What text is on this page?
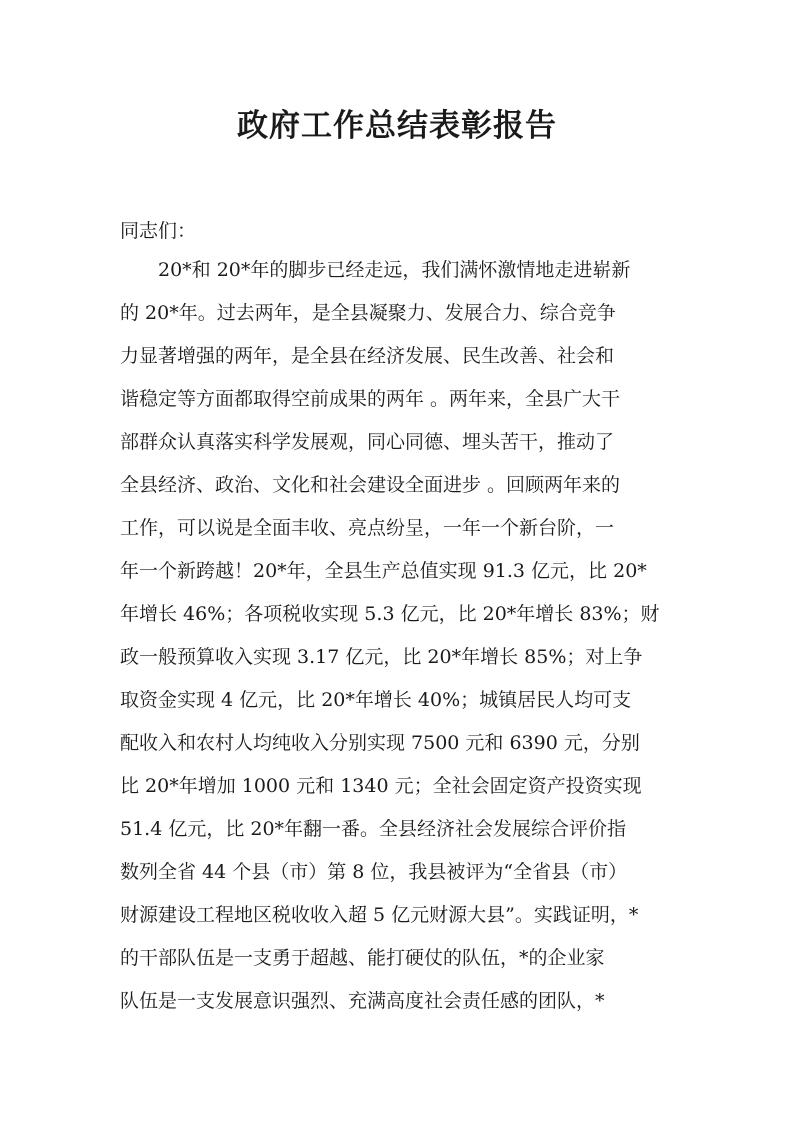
政府工作总结表彰报告
同志们：
20*和 20*年的脚步已经走远，我们满怀激情地走进崭新
的 20*年。过去两年，是全县凝聚力、发展合力、综合竞争
力显著增强的两年，是全县在经济发展、民生改善、社会和
谐稳定等方面都取得空前成果的两年 。两年来，全县广大干
部群众认真落实科学发展观，同心同德、埋头苦干，推动了
全县经济、政治、文化和社会建设全面进步 。回顾两年来的
工作，可以说是全面丰收、亮点纷呈，一年一个新台阶，一
年一个新跨越！20*年，全县生产总值实现 91.3 亿元，比 20*
年增长 46%；各项税收实现 5.3 亿元，比 20*年增长 83%；财
政一般预算收入实现 3.17 亿元，比 20*年增长 85%；对上争
取资金实现 4 亿元，比 20*年增长 40%；城镇居民人均可支
配收入和农村人均纯收入分别实现 7500 元和 6390 元，分别
比 20*年增加 1000 元和 1340 元；全社会固定资产投资实现
51.4 亿元，比 20*年翻一番。全县经济社会发展综合评价指
数列全省 44 个县（市）第 8 位，我县被评为“全省县（市）
财源建设工程地区税收收入超 5 亿元财源大县”。实践证明，*
的干部队伍是一支勇于超越、能打硬仗的队伍，*的企业家
队伍是一支发展意识强烈、充满高度社会责任感的团队，*
